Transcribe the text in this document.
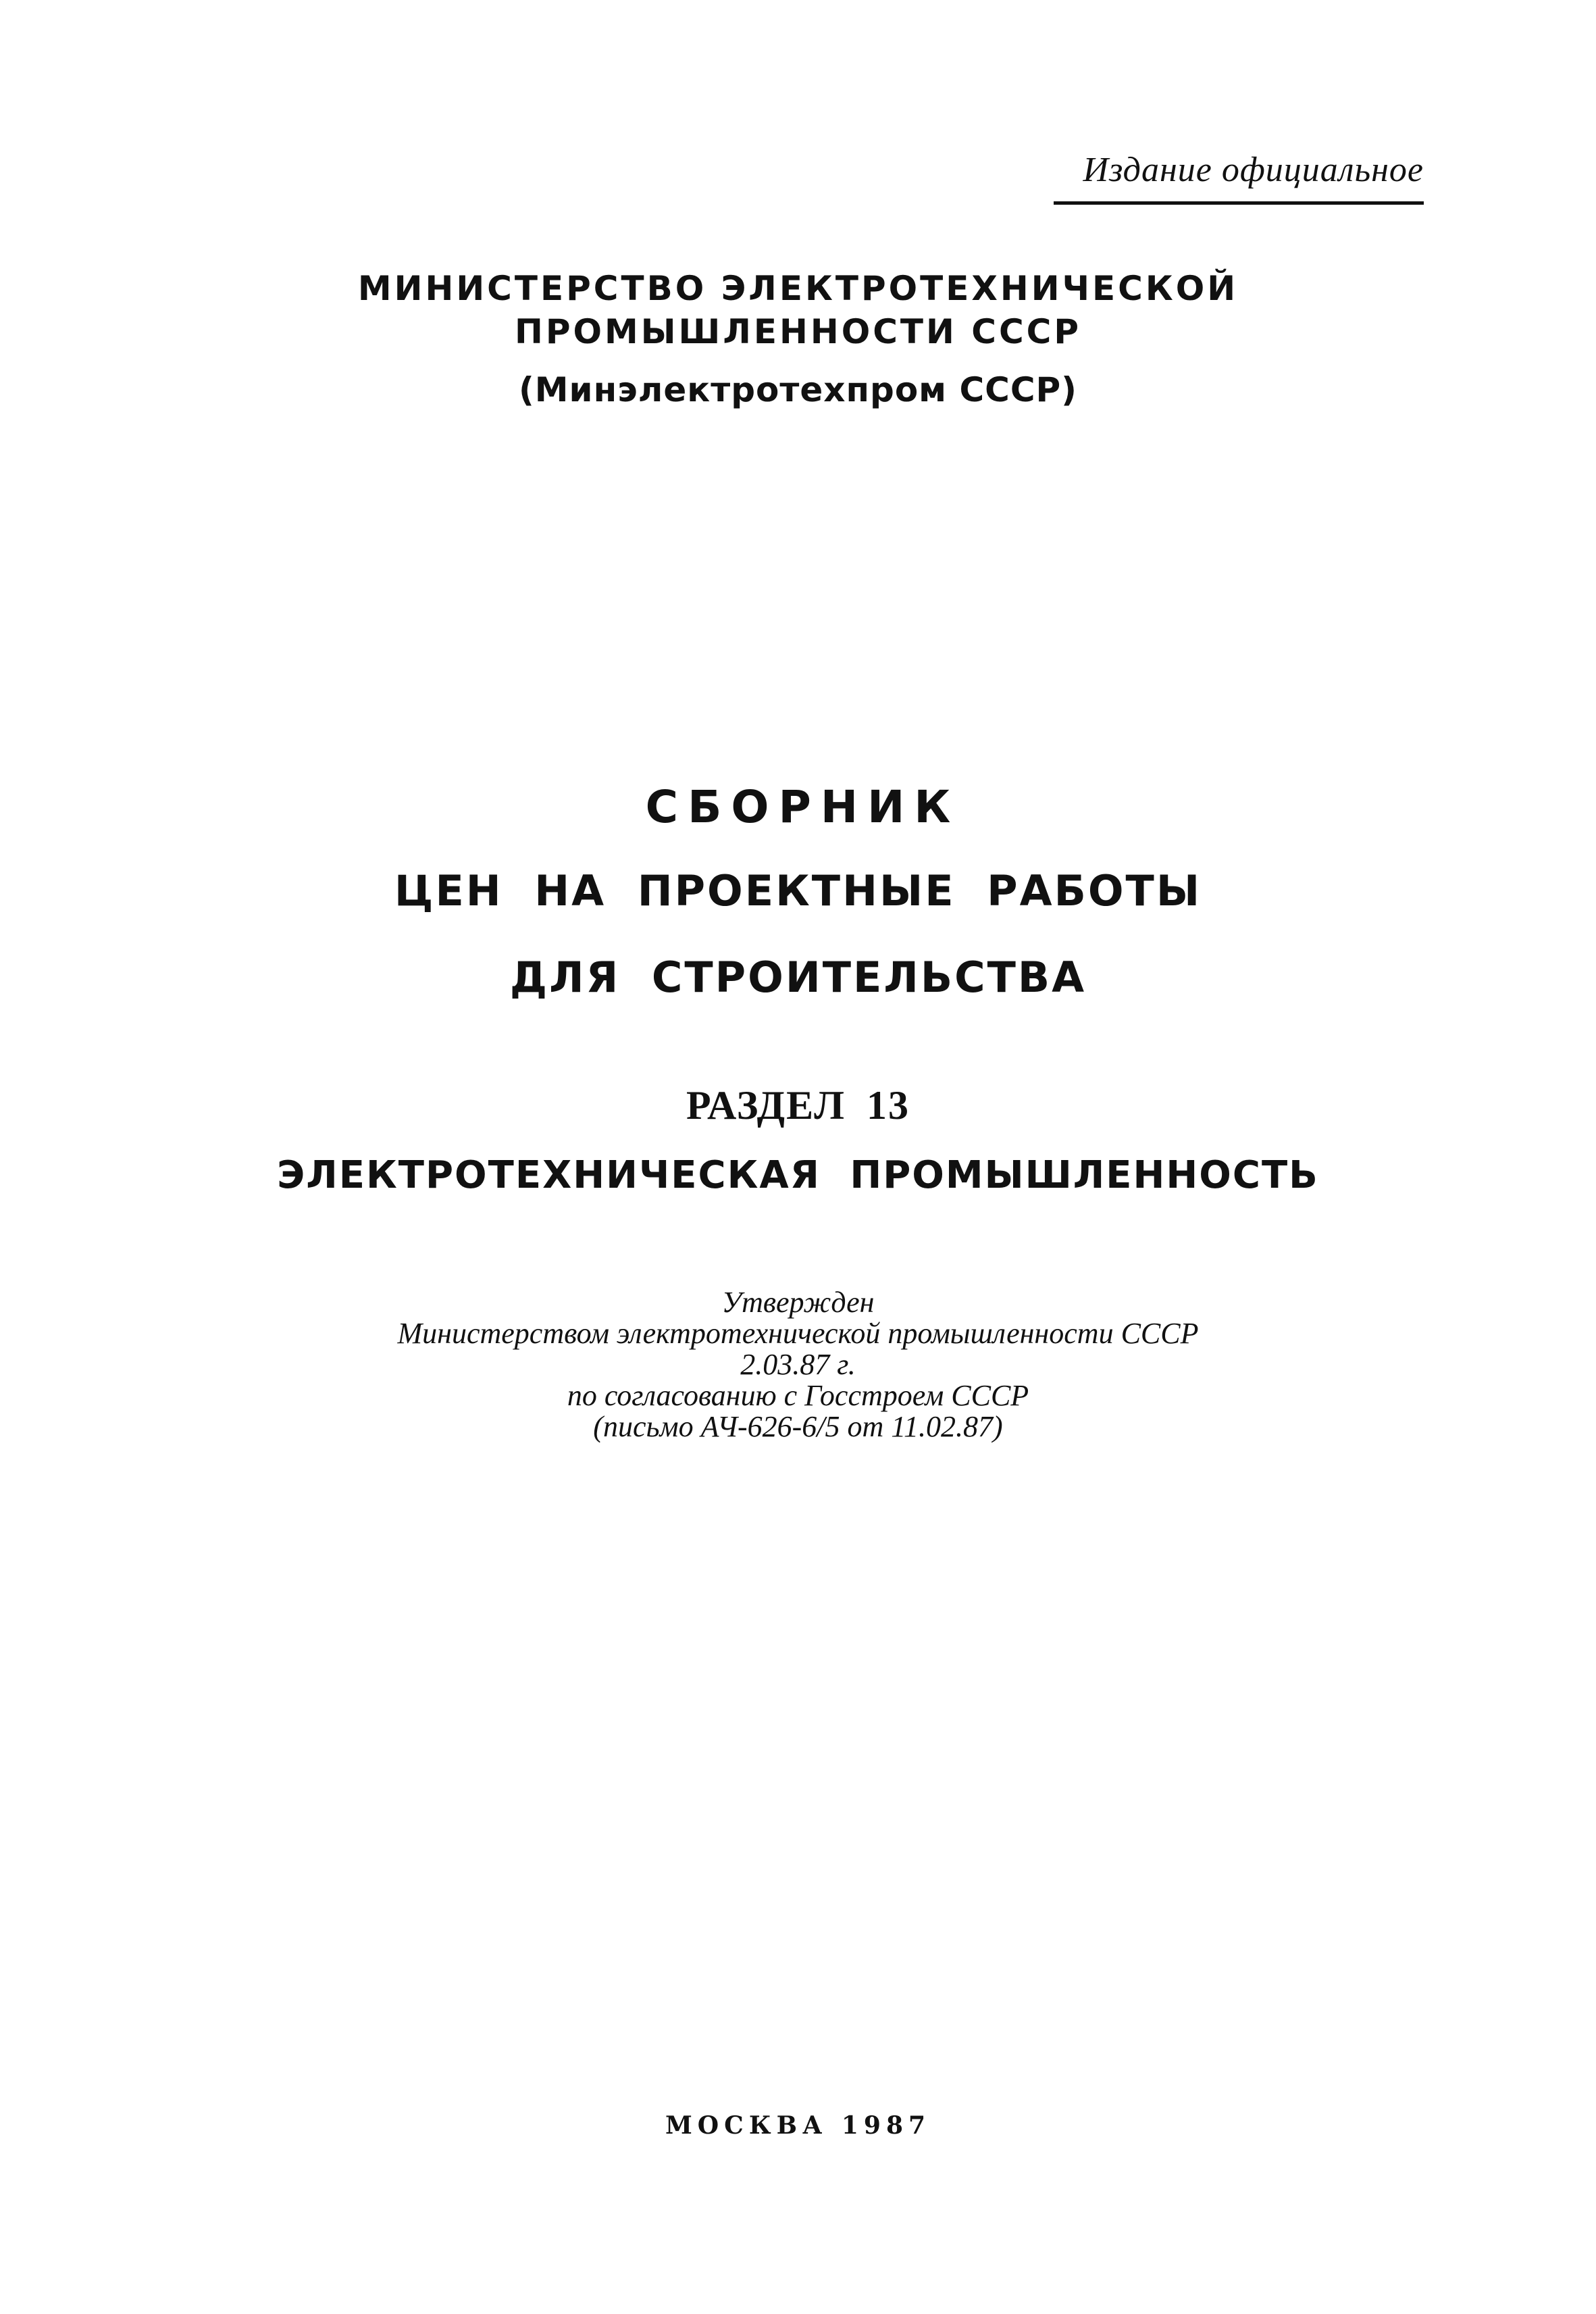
Издание официальное
МИНИСТЕРСТВО ЭЛЕКТРОТЕХНИЧЕСКОЙ
ПРОМЫШЛЕННОСТИ СССР
(Минэлектротехпром СССР)
СБОРНИК
ЦЕН НА ПРОЕКТНЫЕ РАБОТЫ
ДЛЯ СТРОИТЕЛЬСТВА
РАЗДЕЛ 13
ЭЛЕКТРОТЕХНИЧЕСКАЯ ПРОМЫШЛЕННОСТЬ
Утвержден
Министерством электротехнической промышленности СССР
2.03.87 г.
по согласованию с Госстроем СССР
(письмо АЧ-626-6/5 от 11.02.87)
МОСКВА 1987
